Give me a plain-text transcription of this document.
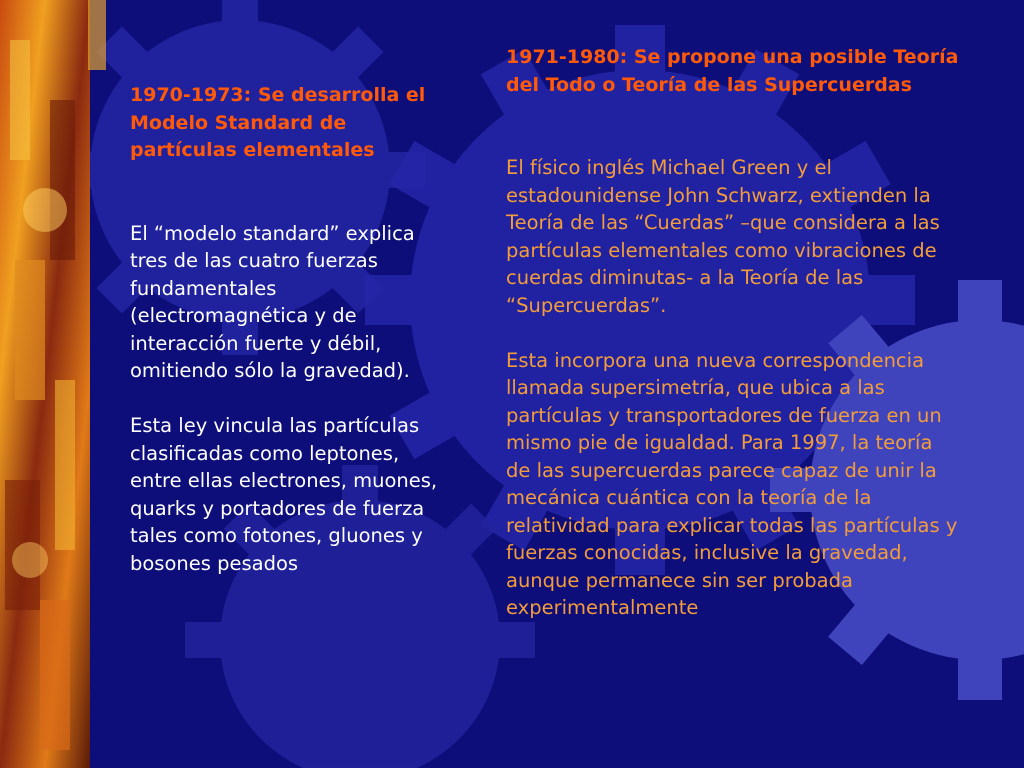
1970-1973: Se desarrolla el Modelo Standard de partículas elementales

El “modelo standard” explica tres de las cuatro fuerzas fundamentales (electromagnética y de interacción fuerte y débil, omitiendo sólo la gravedad).

Esta ley vincula las partículas clasificadas como leptones, entre ellas electrones, muones, quarks y portadores de fuerza tales como fotones, gluones y bosones pesados

1971-1980: Se propone una posible Teoría del Todo o Teoría de las Supercuerdas

El físico inglés Michael Green y el estadounidense John Schwarz, extienden la Teoría de las “Cuerdas” –que considera a las partículas elementales como vibraciones de cuerdas diminutas- a la Teoría de las “Supercuerdas”.

Esta incorpora una nueva correspondencia llamada supersimetría, que ubica a las partículas y transportadores de fuerza en un mismo pie de igualdad. Para 1997, la teoría de las supercuerdas parece capaz de unir la mecánica cuántica con la teoría de la relatividad para explicar todas las partículas y fuerzas conocidas, inclusive la gravedad, aunque permanece sin ser probada experimentalmente
